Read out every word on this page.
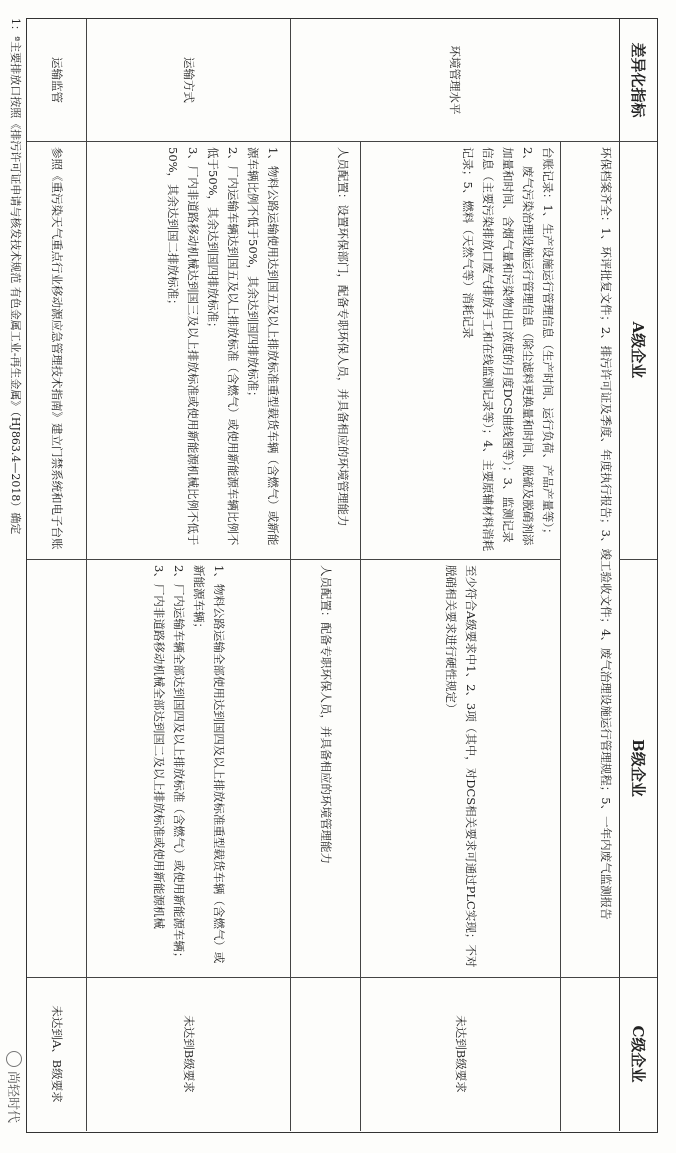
差异化指标
A级企业
B级企业
C级企业
环保档案齐全：1、环评批复文件；2、排污许可证及季度、年度执行报告；3、竣工验收文件；4、废气治理设施运行管理规程；5、一年内废气监测报告
环境管理水平
台账记录：1、生产设施运行管理信息（生产时间、运行负荷、产品产量等）；2、废气污染治理设施运行管理信息（除尘滤料更换量和时间、脱硫及脱硝剂添加量和时间、含烟气量和污染物出口浓度的月度DCS曲线图等）；3、监测记录信息（主要污染排放口废气排放手工和在线监测记录等）；4、主要原辅材料消耗记录；5、燃料（天然气等）消耗记录
至少符合A级要求中1、2、3项（其中，对DCS相关要求可通过PLC实现；不对脱硝相关要求进行硬性规定）
未达到B级要求
人员配置：设置环保部门，配备专职环保人员，并具备相应的环境管理能力
人员配置：配备专职环保人员，并具备相应的环境管理能力
运输方式
1、物料公路运输使用达到国五及以上排放标准重型载货车辆（含燃气）或新能源车辆比例不低于50%，其余达到国四排放标准；
2、厂内运输车辆达到国五及以上排放标准（含燃气）或使用新能源车辆比例不低于50%，其余达到国四排放标准；
3、厂内非道路移动机械达到国三及以上排放标准或使用新能源机械比例不低于50%，其余达到国二排放标准；
1、物料公路运输全部使用达到国四及以上排放标准重型载货车辆（含燃气）或新能源车辆；
2、厂内运输车辆全部达到国四及以上排放标准（含燃气）或使用新能源车辆；
3、厂内非道路移动机械全部达到国二及以上排放标准或使用新能源机械
未达到B级要求
运输监管
参照《重污染天气重点行业移动源应急管理技术指南》建立门禁系统和电子台账
未达到A、B级要求
1：ª主要排放口按照《排污许可证申请与核发技术规范 有色金属工业-再生金属》（HJ863.4—2018）确定
尚轻时代
